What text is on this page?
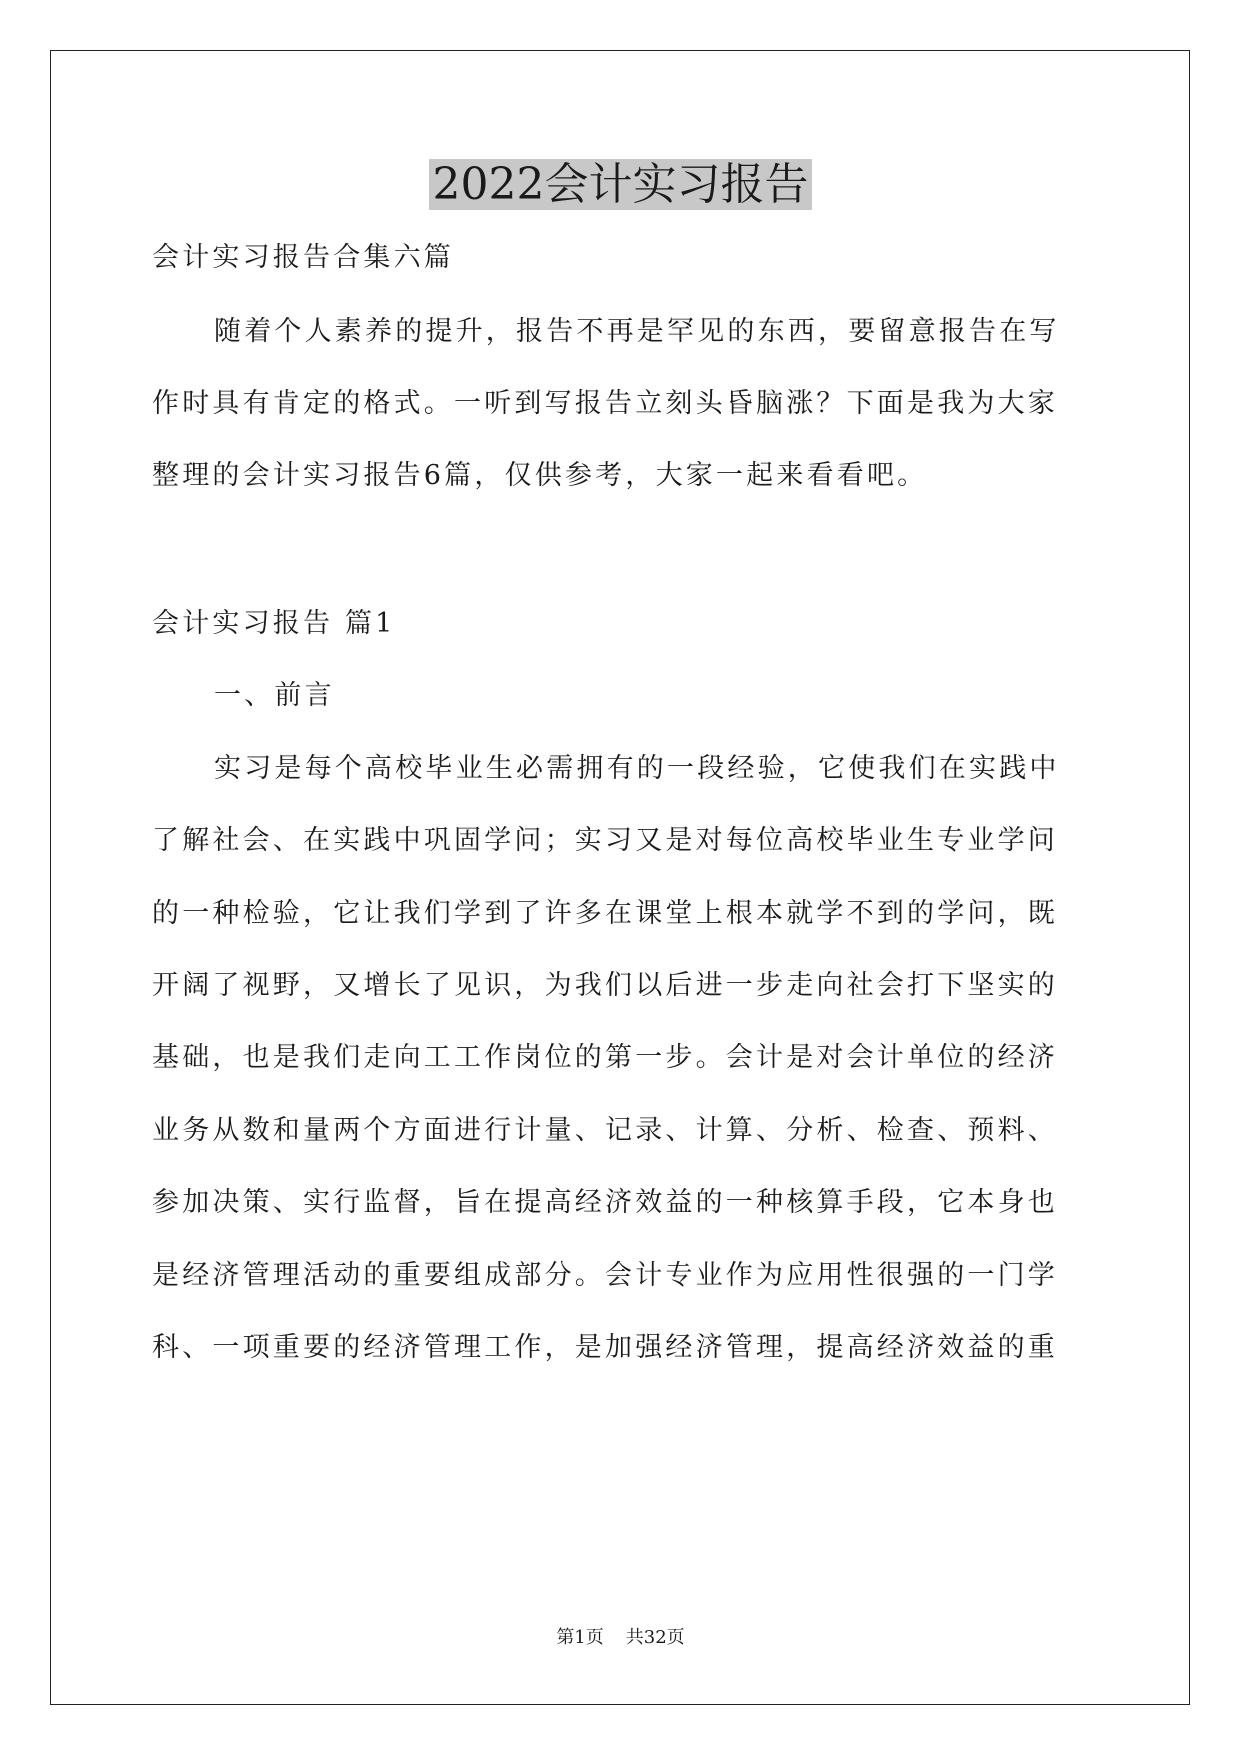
2022会计实习报告
会计实习报告合集六篇
随着个人素养的提升，报告不再是罕见的东西，要留意报告在写
作时具有肯定的格式。一听到写报告立刻头昏脑涨？下面是我为大家
整理的会计实习报告6篇，仅供参考，大家一起来看看吧。
会计实习报告 篇1
一、前言
实习是每个高校毕业生必需拥有的一段经验，它使我们在实践中
了解社会、在实践中巩固学问；实习又是对每位高校毕业生专业学问
的一种检验，它让我们学到了许多在课堂上根本就学不到的学问，既
开阔了视野，又增长了见识，为我们以后进一步走向社会打下坚实的
基础，也是我们走向工工作岗位的第一步。会计是对会计单位的经济
业务从数和量两个方面进行计量、记录、计算、分析、检查、预料、
参加决策、实行监督，旨在提高经济效益的一种核算手段，它本身也
是经济管理活动的重要组成部分。会计专业作为应用性很强的一门学
科、一项重要的经济管理工作，是加强经济管理，提高经济效益的重
第1页 共32页
